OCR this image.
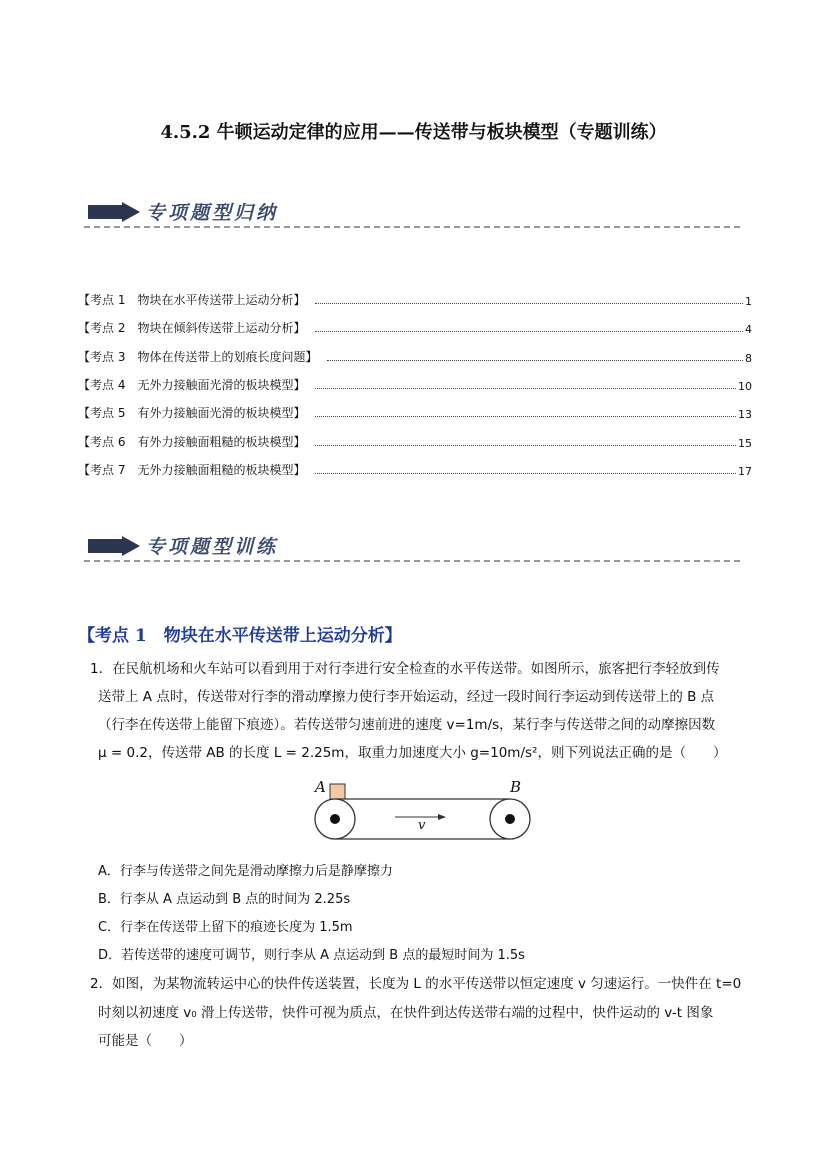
4.5.2 牛顿运动定律的应用——传送带与板块模型（专题训练）
专项题型归纳
【考点 1　物块在水平传送带上运动分析】	1
【考点 2　物块在倾斜传送带上运动分析】	4
【考点 3　物体在传送带上的划痕长度问题】	8
【考点 4　无外力接触面光滑的板块模型】	10
【考点 5　有外力接触面光滑的板块模型】	13
【考点 6　有外力接触面粗糙的板块模型】	15
【考点 7　无外力接触面粗糙的板块模型】	17
专项题型训练
【考点 1　物块在水平传送带上运动分析】
1．在民航机场和火车站可以看到用于对行李进行安全检查的水平传送带。如图所示，旅客把行李轻放到传
送带上 A 点时，传送带对行李的滑动摩擦力使行李开始运动，经过一段时间行李运动到传送带上的 B 点
（行李在传送带上能留下痕迹）。若传送带匀速前进的速度 v=1m/s，某行李与传送带之间的动摩擦因数
μ = 0.2，传送带 AB 的长度 L = 2.25m，取重力加速度大小 g=10m/s²，则下列说法正确的是（　　）
A	B
v
A．行李与传送带之间先是滑动摩擦力后是静摩擦力
B．行李从 A 点运动到 B 点的时间为 2.25s
C．行李在传送带上留下的痕迹长度为 1.5m
D．若传送带的速度可调节，则行李从 A 点运动到 B 点的最短时间为 1.5s
2．如图，为某物流转运中心的快件传送装置，长度为 L 的水平传送带以恒定速度 v 匀速运行。一快件在 t=0
时刻以初速度 v₀ 滑上传送带，快件可视为质点，在快件到达传送带右端的过程中，快件运动的 v-t 图象
可能是（　　）
